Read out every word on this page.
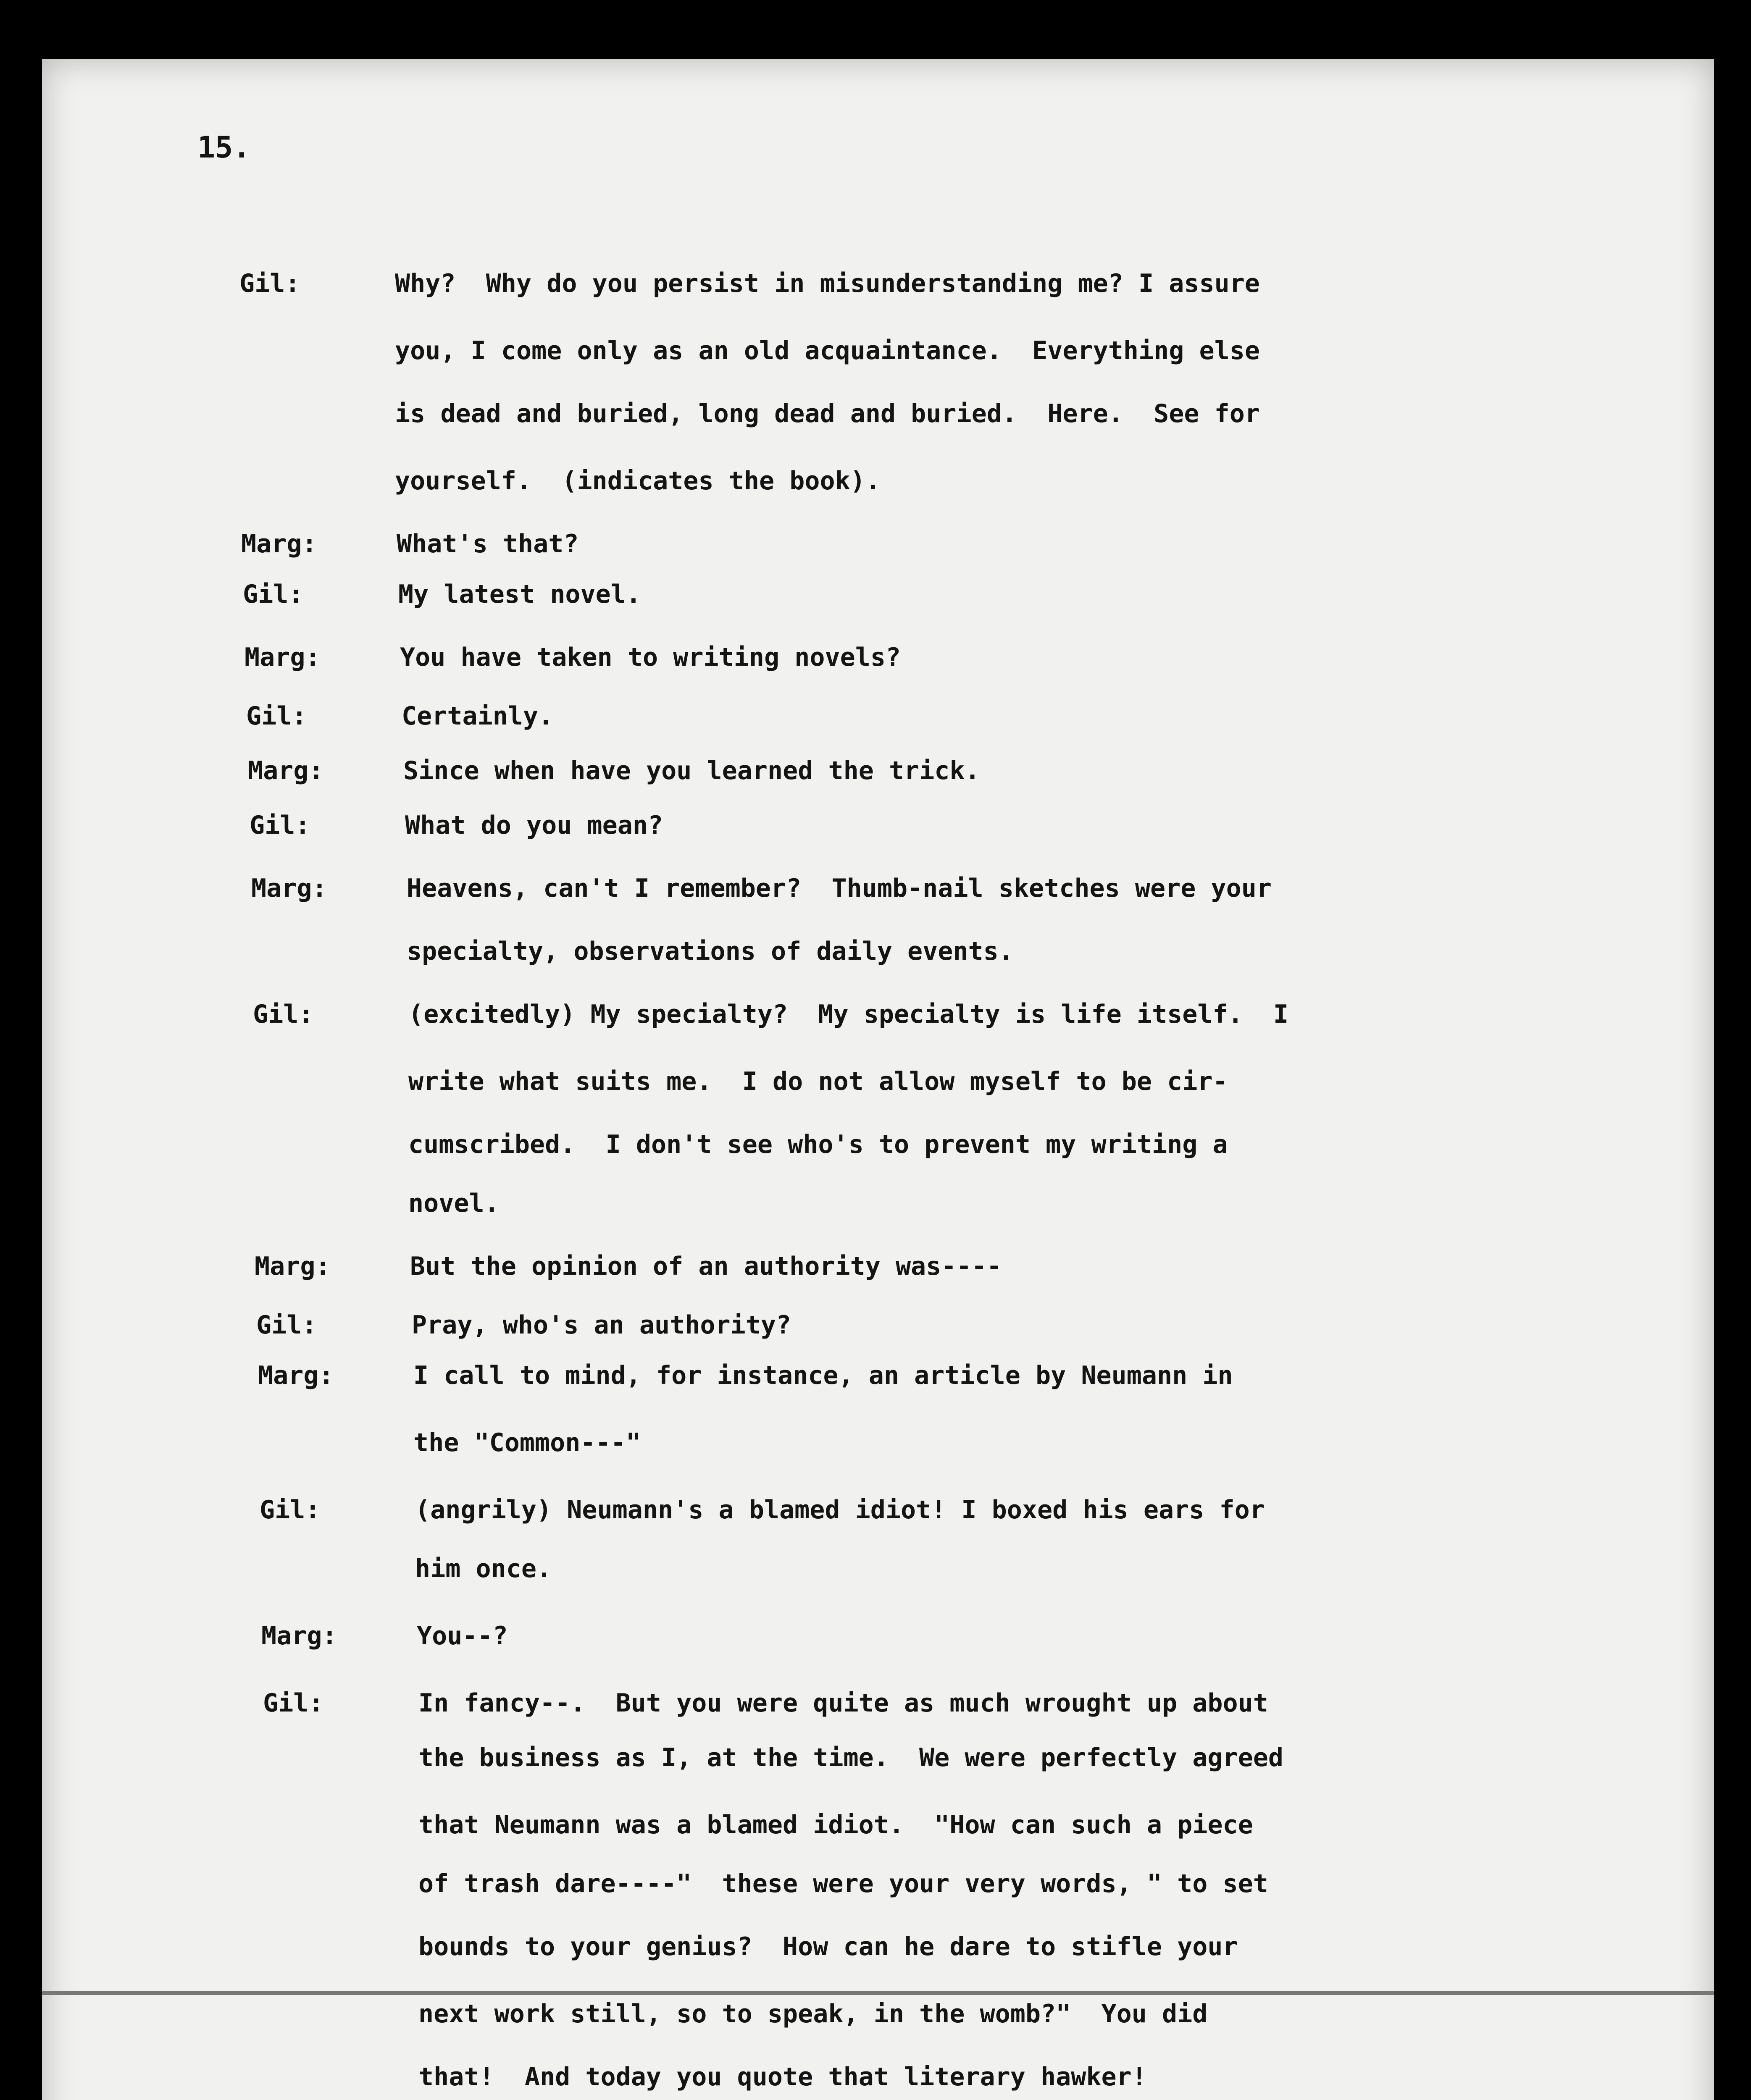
15.
Gil:	Why?  Why do you persist in misunderstanding me? I assure
you, I come only as an old acquaintance.  Everything else
is dead and buried, long dead and buried.  Here.  See for
yourself.  (indicates the book).
Marg:	What's that?
Gil:	My latest novel.
Marg:	You have taken to writing novels?
Gil:	Certainly.
Marg:	Since when have you learned the trick.
Gil:	What do you mean?
Marg:	Heavens, can't I remember?  Thumb-nail sketches were your
specialty, observations of daily events.
Gil:	(excitedly) My specialty?  My specialty is life itself.  I
write what suits me.  I do not allow myself to be cir-
cumscribed.  I don't see who's to prevent my writing a
novel.
Marg:	But the opinion of an authority was----
Gil:	Pray, who's an authority?
Marg:	I call to mind, for instance, an article by Neumann in
the "Common---"
Gil:	(angrily) Neumann's a blamed idiot! I boxed his ears for
him once.
Marg:	You--?
Gil:	In fancy--.  But you were quite as much wrought up about
the business as I, at the time.  We were perfectly agreed
that Neumann was a blamed idiot.  "How can such a piece
of trash dare----"  these were your very words, " to set
bounds to your genius?  How can he dare to stifle your
next work still, so to speak, in the womb?"  You did
that!  And today you quote that literary hawker!
